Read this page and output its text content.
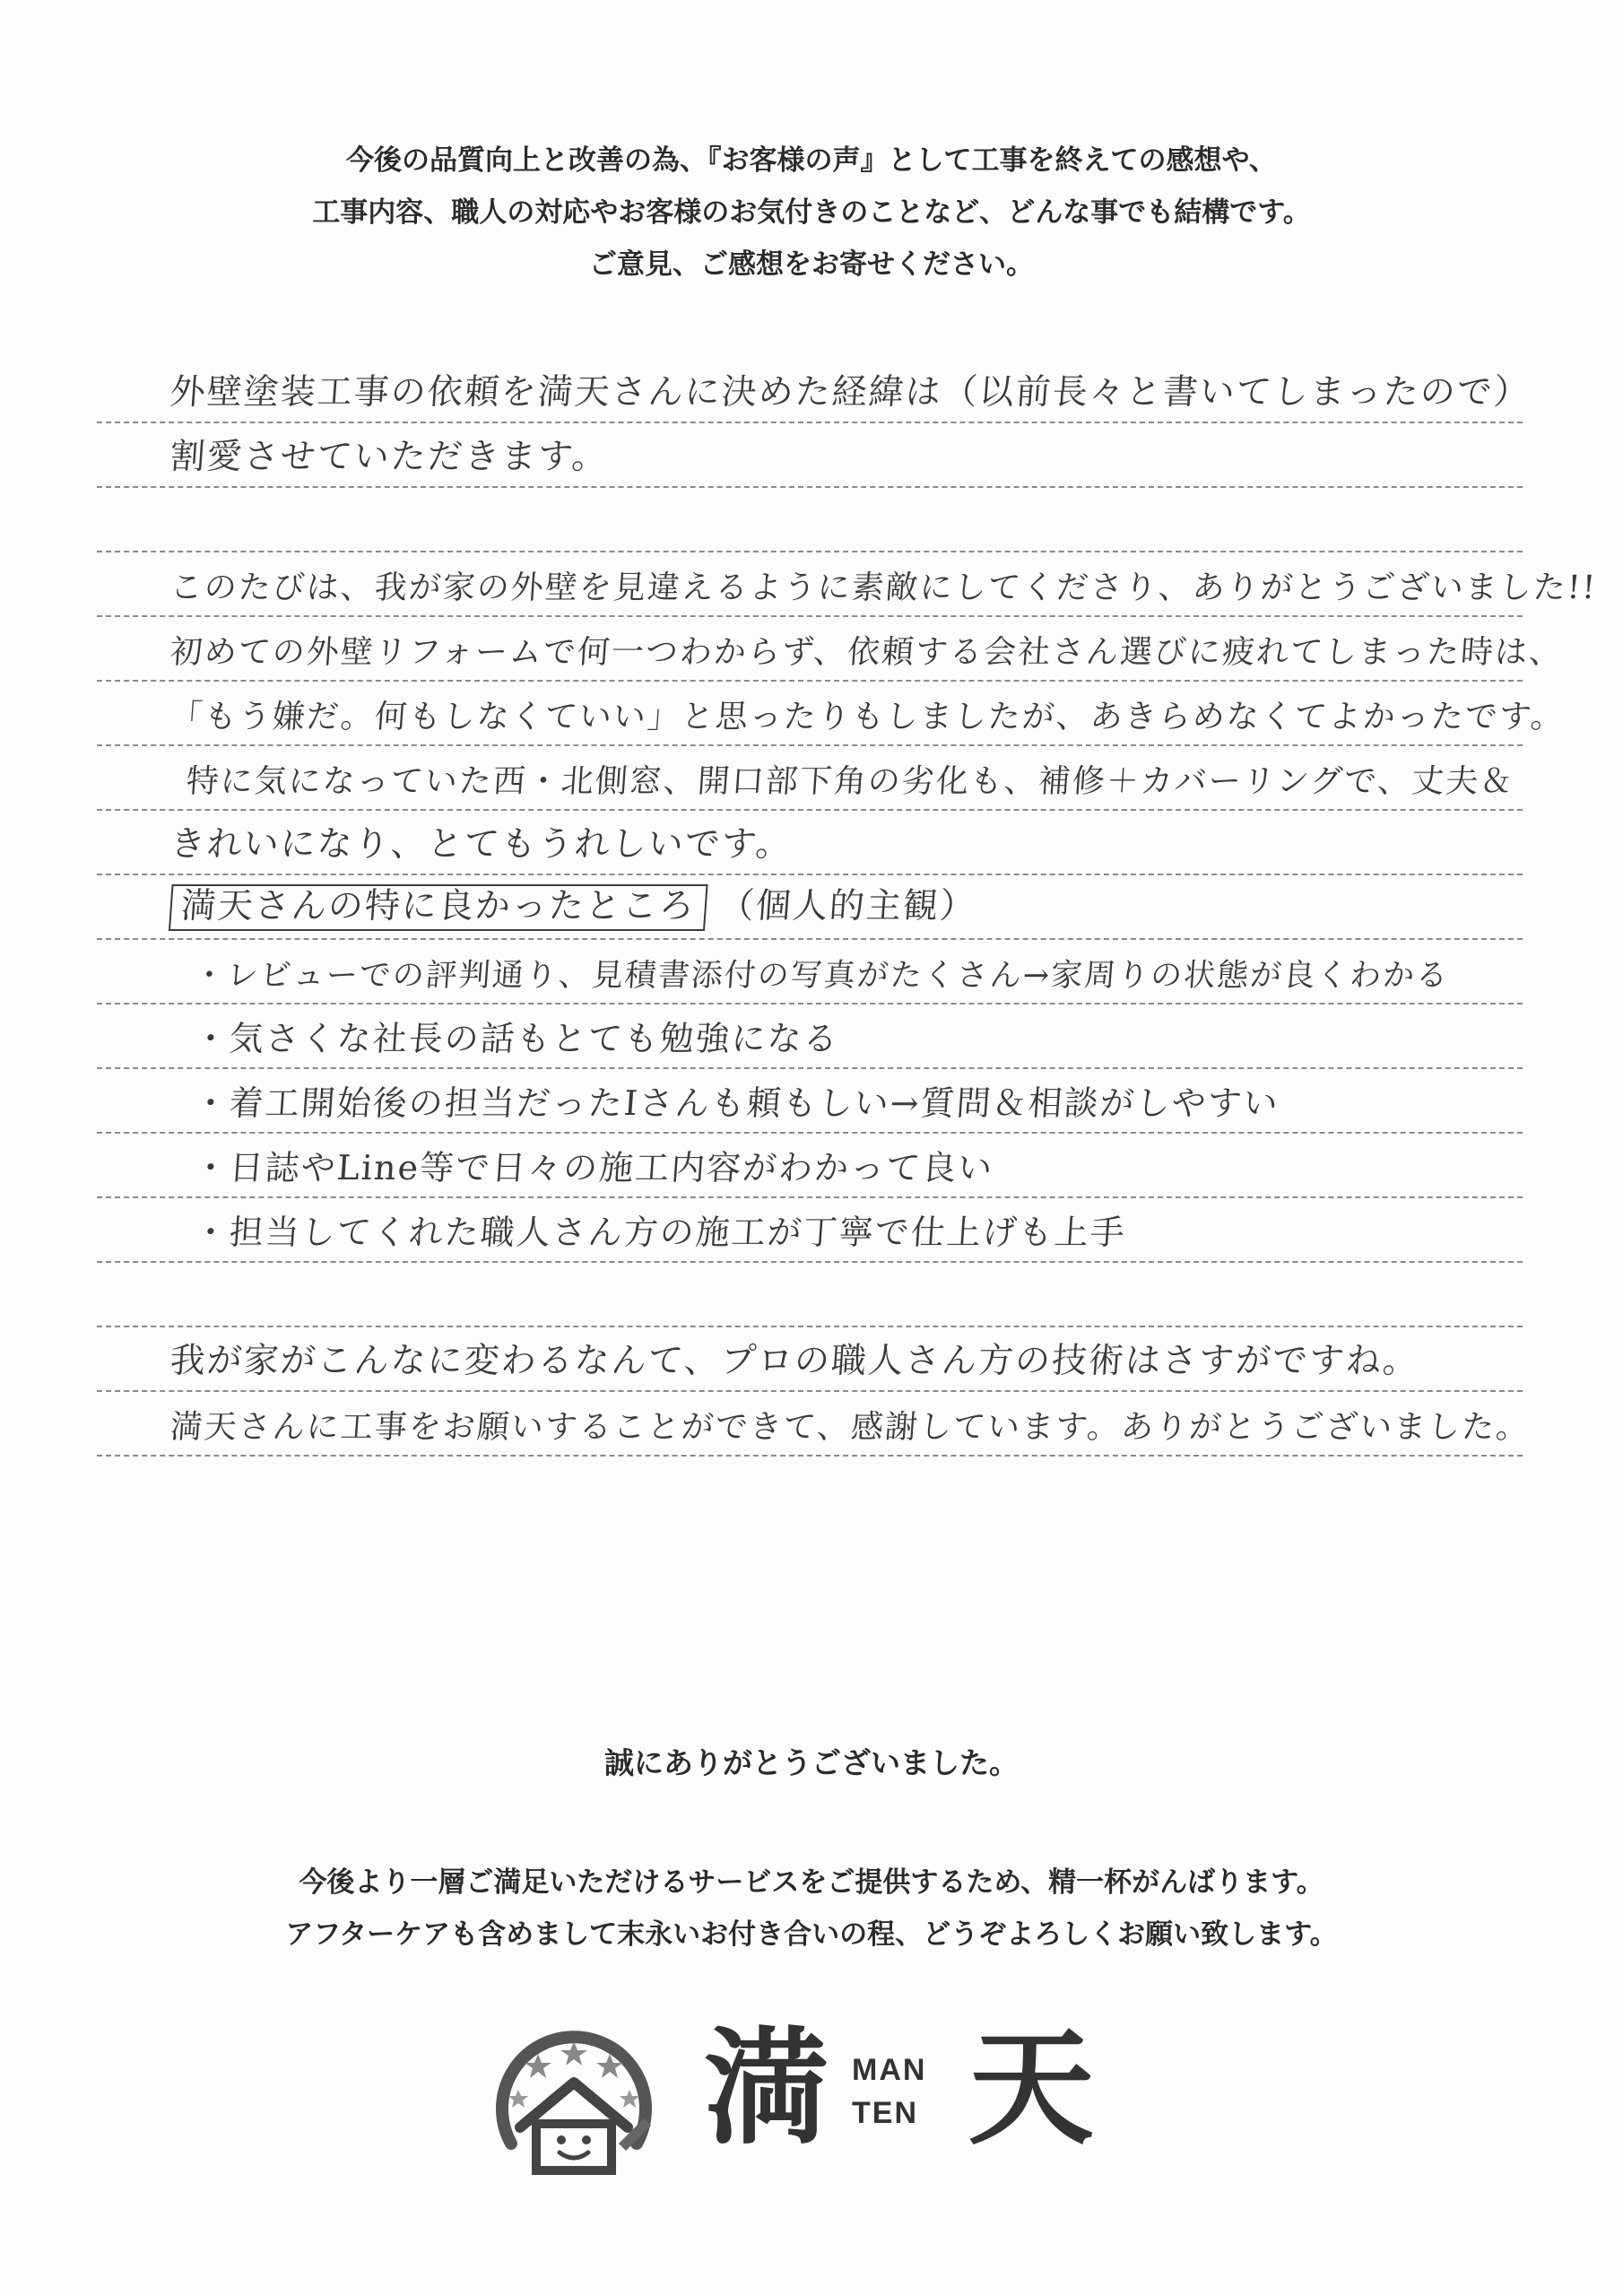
今後の品質向上と改善の為、『お客様の声』として工事を終えての感想や、
工事内容、職人の対応やお客様のお気付きのことなど、どんな事でも結構です。
ご意見、ご感想をお寄せください。
外壁塗装工事の依頼を満天さんに決めた経緯は（以前長々と書いてしまったので）
割愛させていただきます。
このたびは、我が家の外壁を見違えるように素敵にしてくださり、ありがとうございました!!
初めての外壁リフォームで何一つわからず、依頼する会社さん選びに疲れてしまった時は、
「もう嫌だ。何もしなくていい」と思ったりもしましたが、あきらめなくてよかったです。
特に気になっていた西・北側窓、開口部下角の劣化も、補修＋カバーリングで、丈夫＆
きれいになり、とてもうれしいです。
満天さんの特に良かったところ （個人的主観）
・レビューでの評判通り、見積書添付の写真がたくさん→家周りの状態が良くわかる
・気さくな社長の話もとても勉強になる
・着工開始後の担当だったIさんも頼もしい→質問＆相談がしやすい
・日誌やLine等で日々の施工内容がわかって良い
・担当してくれた職人さん方の施工が丁寧で仕上げも上手
我が家がこんなに変わるなんて、プロの職人さん方の技術はさすがですね。
満天さんに工事をお願いすることができて、感謝しています。ありがとうございました。
誠にありがとうございました。
今後より一層ご満足いただけるサービスをご提供するため、精一杯がんばります。
アフターケアも含めまして末永いお付き合いの程、どうぞよろしくお願い致します。
満 MAN
TEN 天
